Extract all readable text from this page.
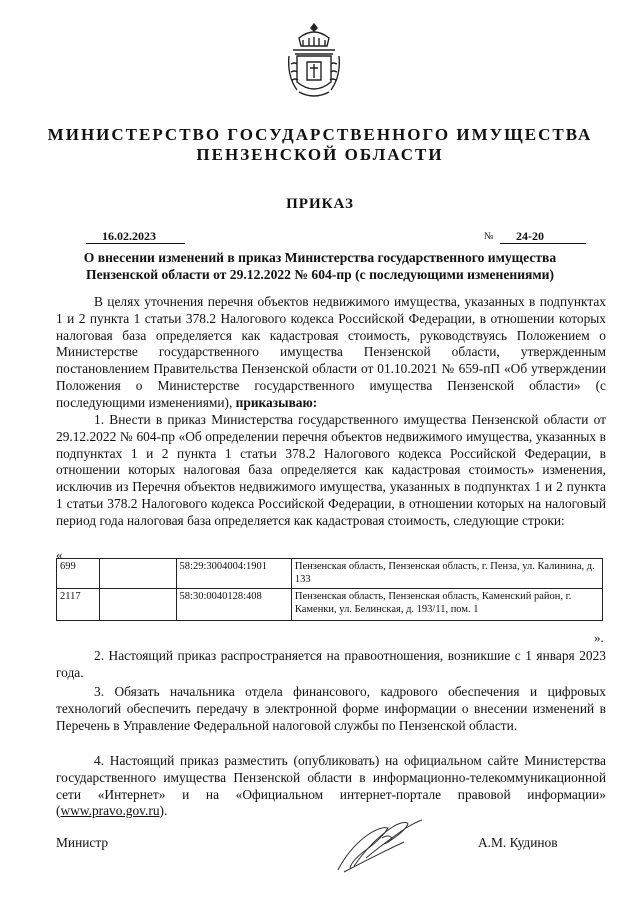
МИНИСТЕРСТВО ГОСУДАРСТВЕННОГО ИМУЩЕСТВА
ПЕНЗЕНСКОЙ ОБЛАСТИ
ПРИКАЗ
16.02.2023	№	24-20
О внесении изменений в приказ Министерства государственного имущества Пензенской области от 29.12.2022 № 604-пр (с последующими изменениями)
В целях уточнения перечня объектов недвижимого имущества, указанных в подпунктах 1 и 2 пункта 1 статьи 378.2 Налогового кодекса Российской Федерации, в отношении которых налоговая база определяется как кадастровая стоимость, руководствуясь Положением о Министерстве государственного имущества Пензенской области, утвержденным постановлением Правительства Пензенской области от 01.10.2021 № 659-пП «Об утверждении Положения о Министерстве государственного имущества Пензенской области» (с последующими изменениями), приказываю:
1. Внести в приказ Министерства государственного имущества Пензенской области от 29.12.2022 № 604-пр «Об определении перечня объектов недвижимого имущества, указанных в подпунктах 1 и 2 пункта 1 статьи 378.2 Налогового кодекса Российской Федерации, в отношении которых налоговая база определяется как кадастровая стоимость» изменения, исключив из Перечня объектов недвижимого имущества, указанных в подпунктах 1 и 2 пункта 1 статьи 378.2 Налогового кодекса Российской Федерации, в отношении которых на налоговый период года налоговая база определяется как кадастровая стоимость, следующие строки:
«
699		58:29:3004004:1901	Пензенская область, Пензенская область, г. Пенза, ул. Калинина, д. 133
2117		58:30:0040128:408	Пензенская область, Пензенская область, Каменский район, г. Каменки, ул. Белинская, д. 193/11, пом. 1
».
2. Настоящий приказ распространяется на правоотношения, возникшие с 1 января 2023 года.
3. Обязать начальника отдела финансового, кадрового обеспечения и цифровых технологий обеспечить передачу в электронной форме информации о внесении изменений в Перечень в Управление Федеральной налоговой службы по Пензенской области.
4. Настоящий приказ разместить (опубликовать) на официальном сайте Министерства государственного имущества Пензенской области в информационно-телекоммуникационной сети «Интернет» и на «Официальном интернет-портале правовой информации» (www.pravo.gov.ru).
Министр	А.М. Кудинов
